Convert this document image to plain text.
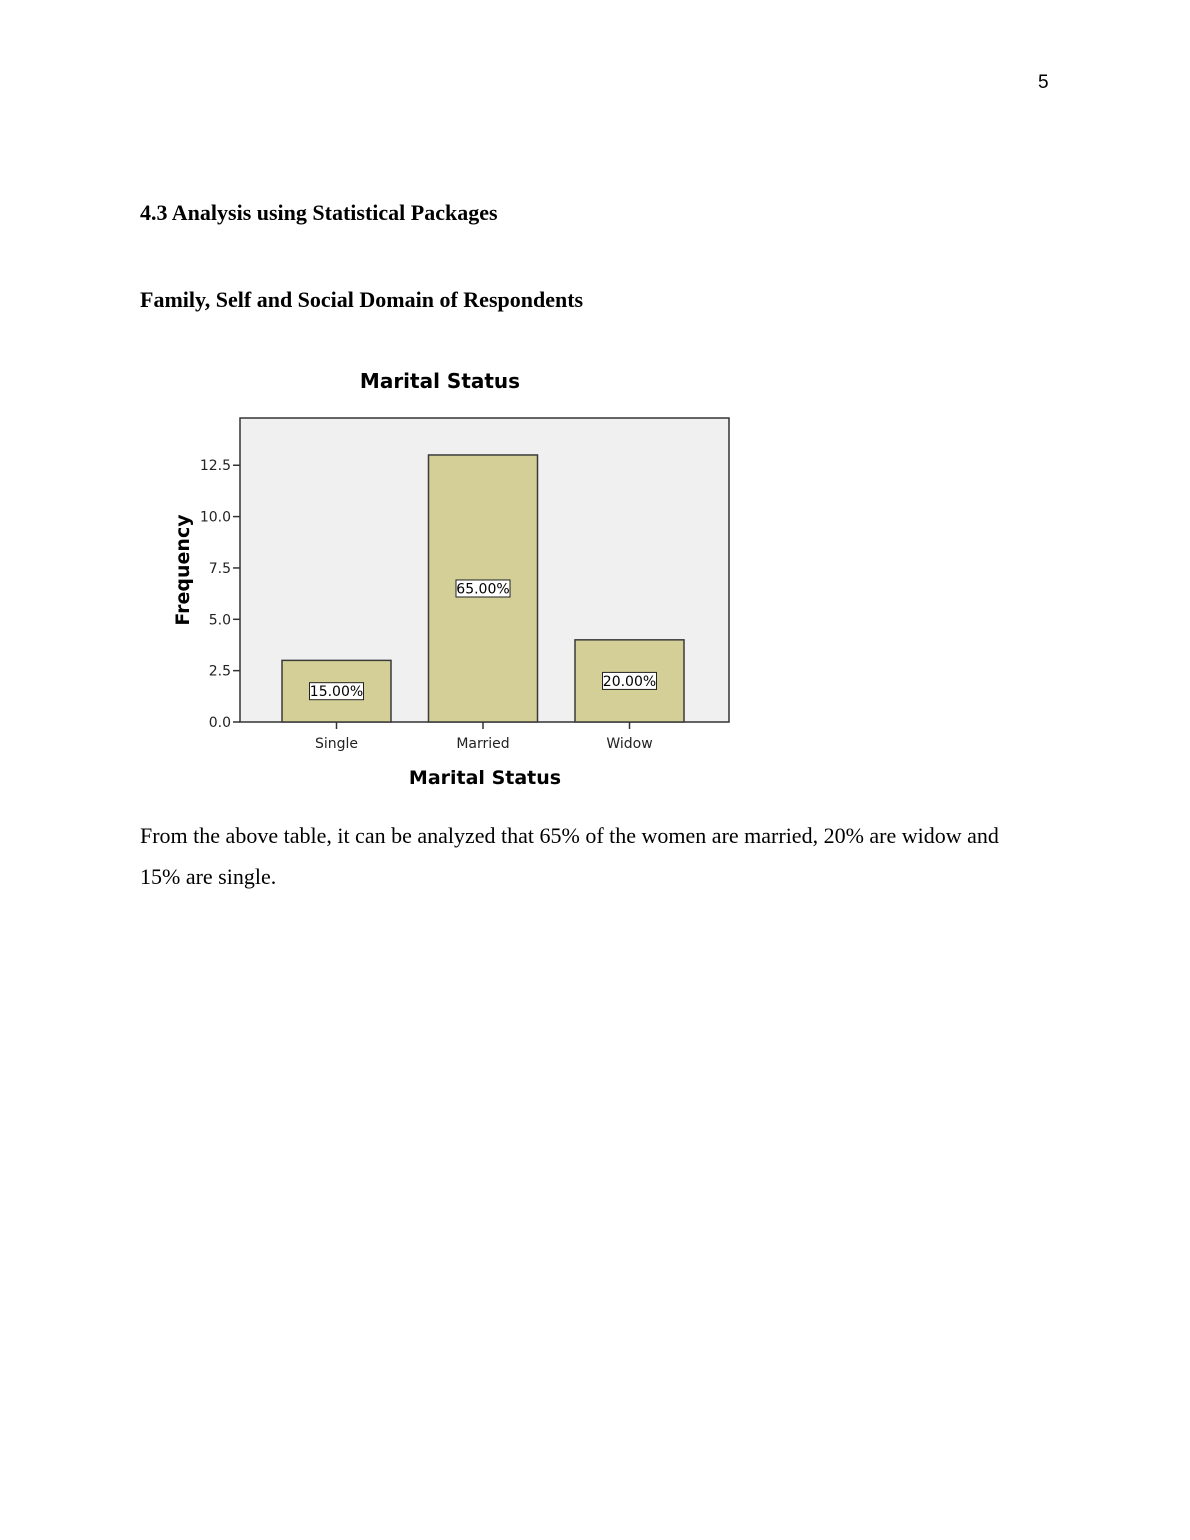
5
4.3 Analysis using Statistical Packages
Family, Self and Social Domain of Respondents
Marital Status
0.0
2.5
5.0
7.5
10.0
12.5
15.00%
65.00%
20.00%
Single	Married	Widow
Marital Status
Frequency

From the above table, it can be analyzed that 65% of the women are married, 20% are widow and 15% are single.
